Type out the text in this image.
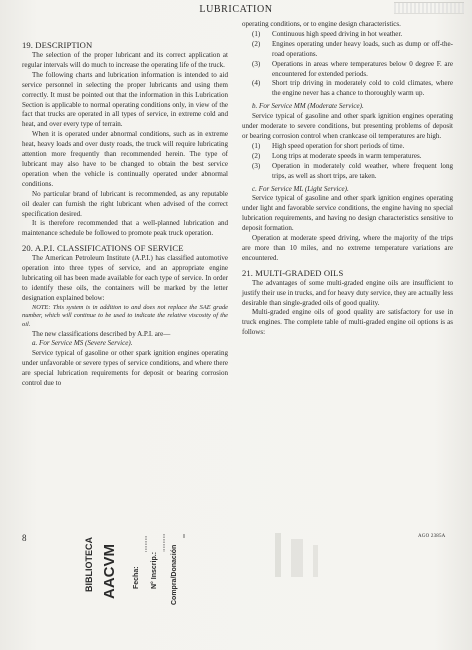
LUBRICATION
19. DESCRIPTION

The selection of the proper lubricant and its correct application at regular intervals will do much to increase the operating life of the truck.

The following charts and lubrication information is intended to aid service personnel in selecting the proper lubricants and using them correctly. It must be pointed out that the information in this Lubrication Section is applicable to normal operating conditions only, in view of the fact that trucks are operated in all types of service, in extreme cold and heat, and over every type of terrain.

When it is operated under abnormal conditions, such as in extreme heat, heavy loads and over dusty roads, the truck will require lubricating attention more frequently than recommended herein. The type of lubricant may also have to be changed to obtain the best service operation when the vehicle is continually operated under abnormal conditions.

No particular brand of lubricant is recommended, as any reputable oil dealer can furnish the right lubricant when advised of the correct specification desired.

It is therefore recommended that a well-planned lubrication and maintenance schedule be followed to promote peak truck operation.

20. A.P.I. CLASSIFICATIONS OF SERVICE

The American Petroleum Institute (A.P.I.) has classified automotive operation into three types of service, and an appropriate engine lubricating oil has been made available for each type of service. In order to identify these oils, the containers will be marked by the letter designation explained below:

NOTE: This system is in addition to and does not replace the SAE grade number, which will continue to be used to indicate the relative viscosity of the oil.

The new classifications described by A.P.I. are—

a. For Service MS (Severe Service).

Service typical of gasoline or other spark ignition engines operating under unfavorable or severe types of service conditions, and where there are special lubrication requirements for deposit or bearing corrosion control due to

operating conditions, or to engine design characteristics.

(1) Continuous high speed driving in hot weather.
(2) Engines operating under heavy loads, such as dump or off-the-road operations.
(3) Operations in areas where temperatures below 0 degree F. are encountered for extended periods.
(4) Short trip driving in moderately cold to cold climates, where the engine never has a chance to thoroughly warm up.

b. For Service MM (Moderate Service).

Service typical of gasoline and other spark ignition engines operating under moderate to severe conditions, but presenting problems of deposit or bearing corrosion control when crankcase oil temperatures are high.

(1) High speed operation for short periods of time.
(2) Long trips at moderate speeds in warm temperatures.
(3) Operation in moderately cold weather, where frequent long trips, as well as short trips, are taken.

c. For Service ML (Light Service).

Service typical of gasoline and other spark ignition engines operating under light and favorable service conditions, the engine having no special lubrication requirements, and having no design characteristics sensitive to deposit formation.

Operation at moderate speed driving, where the majority of the trips are more than 10 miles, and no extreme temperature variations are encountered.

21. MULTI-GRADED OILS

The advantages of some multi-graded engine oils are insufficient to justify their use in trucks, and for heavy duty service, they are actually less desirable than single-graded oils of good quality.

Multi-graded engine oils of good quality are satisfactory for use in truck engines. The complete table of multi-graded engine oil options is as follows:

8	AGO 2385A
BIBLIOTECA AACVM Fecha: N° Inscrip.: Compra/Donación
